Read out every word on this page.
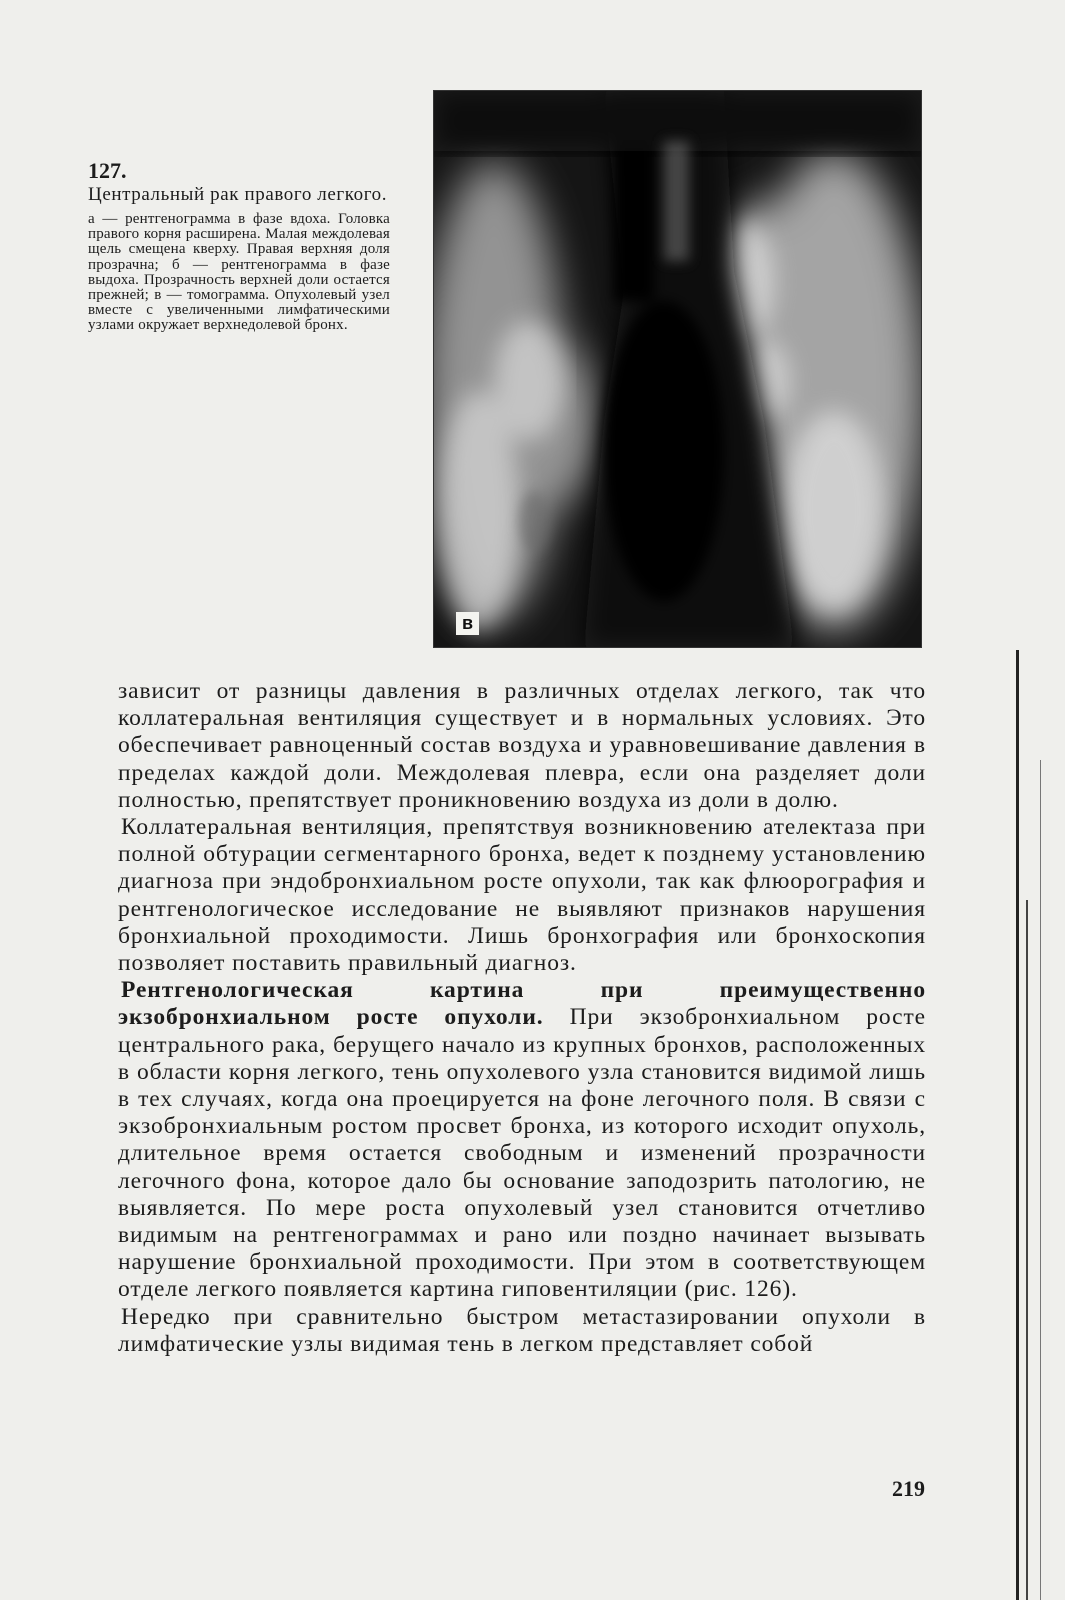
127.
Центральный рак правого легкого.
а — рентгенограмма в фазе вдоха. Головка правого корня расширена. Малая междолевая щель смещена кверху. Правая верхняя доля прозрачна; б — рентгенограмма в фазе выдоха. Прозрачность верхней доли остается прежней; в — томограмма. Опухолевый узел вместе с увеличенными лимфатическими узлами окружает верхнедолевой бронх.
в

зависит от разницы давления в различных отделах легкого, так что коллатеральная вентиляция существует и в нормальных условиях. Это обеспечивает равноценный состав воздуха и уравновешивание давления в пределах каждой доли. Междолевая плевра, если она разделяет доли полностью, препятствует проникновению воздуха из доли в долю.

Коллатеральная вентиляция, препятствуя возникновению ателектаза при полной обтурации сегментарного бронха, ведет к позднему установлению диагноза при эндобронхиальном росте опухоли, так как флюорография и рентгенологическое исследование не выявляют признаков нарушения бронхиальной проходимости. Лишь бронхография или бронхоскопия позволяет поставить правильный диагноз.

Рентгенологическая картина при преимущественно экзобронхиальном росте опухоли. При экзобронхиальном росте центрального рака, берущего начало из крупных бронхов, расположенных в области корня легкого, тень опухолевого узла становится видимой лишь в тех случаях, когда она проецируется на фоне легочного поля. В связи с экзобронхиальным ростом просвет бронха, из которого исходит опухоль, длительное время остается свободным и изменений прозрачности легочного фона, которое дало бы основание заподозрить патологию, не выявляется. По мере роста опухолевый узел становится отчетливо видимым на рентгенограммах и рано или поздно начинает вызывать нарушение бронхиальной проходимости. При этом в соответствующем отделе легкого появляется картина гиповентиляции (рис. 126).

Нередко при сравнительно быстром метастазировании опухоли в лимфатические узлы видимая тень в легком представляет собой

219
